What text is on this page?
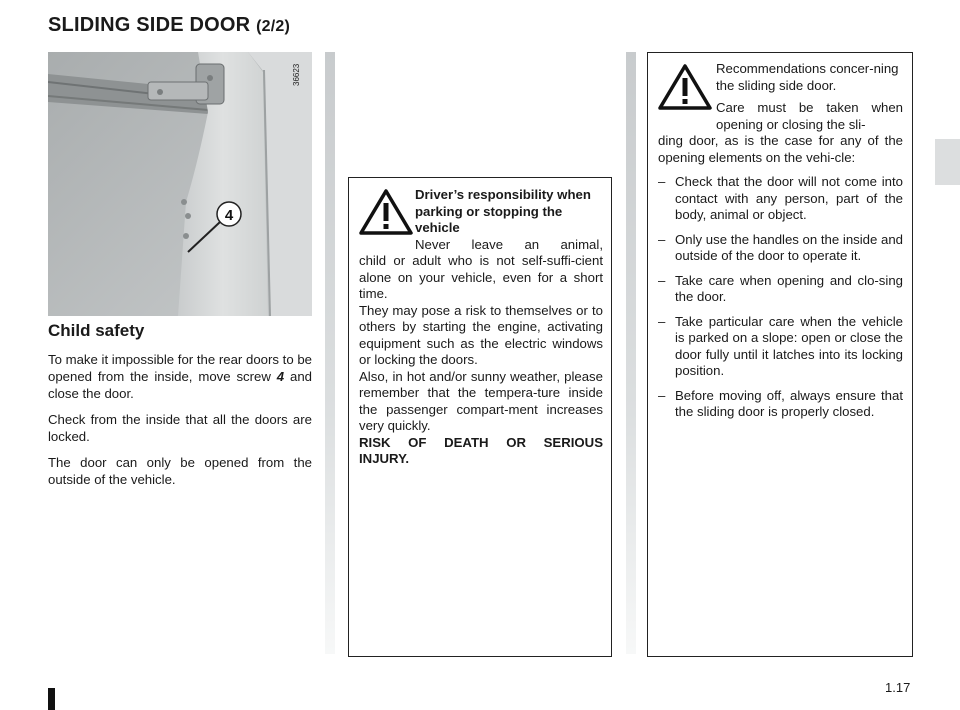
SLIDING SIDE DOOR (2/2)
4
36623
Child safety

To make it impossible for the rear doors to be opened from the inside, move screw 4 and close the door.

Check from the inside that all the doors are locked.

The door can only be opened from the outside of the vehicle.

Driver’s responsibility when parking or stopping the vehicle
Never leave an animal,
child or adult who is not self-suffi-cient alone on your vehicle, even for a short time.
They may pose a risk to themselves or to others by starting the engine, activating equipment such as the electric windows or locking the doors.
Also, in hot and/or sunny weather, please remember that the tempera-ture inside the passenger compart-ment increases very quickly.
RISK OF DEATH OR SERIOUS
INJURY.
Recommendations concer-ning the sliding side door.
Care must be taken when opening or closing the sli-
ding door, as is the case for any of the opening elements on the vehi-cle:
– Check that the door will not come into contact with any person, part of the body, animal or object.
– Only use the handles on the inside and outside of the door to operate it.
– Take care when opening and clo-sing the door.
– Take particular care when the vehicle is parked on a slope: open or close the door fully until it latches into its locking position.
– Before moving off, always ensure that the sliding door is properly closed.
1.17
